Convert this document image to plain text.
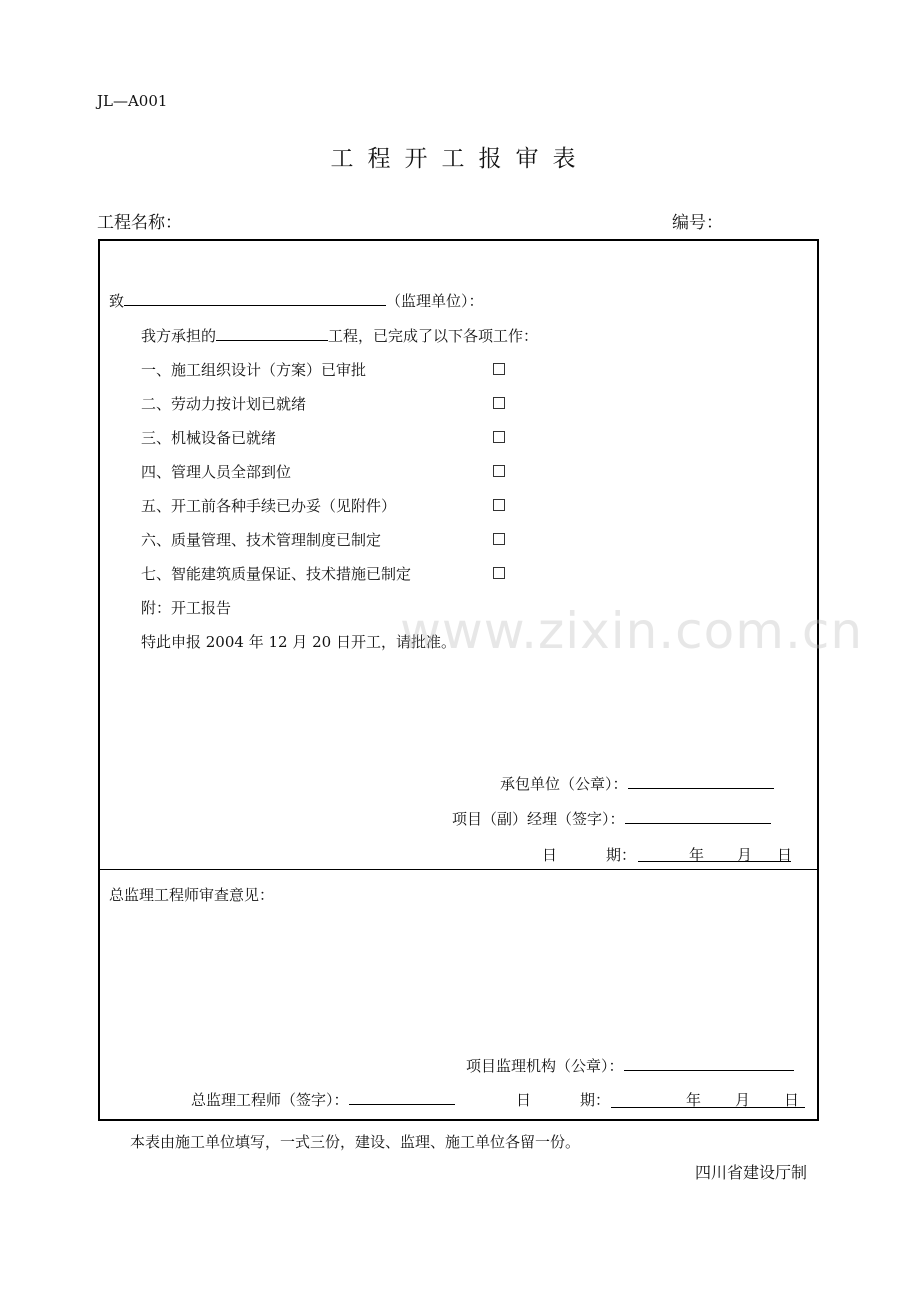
JL—A001
工程开工报审表
工程名称：	编号：
致	（监理单位）：
我方承担的	工程，已完成了以下各项工作：
一、施工组织设计（方案）已审批
二、劳动力按计划已就绪
三、机械设备已就绪
四、管理人员全部到位
五、开工前各种手续已办妥（见附件）
六、质量管理、技术管理制度已制定
七、智能建筑质量保证、技术措施已制定
附：开工报告
特此申报 2004 年 12 月 20 日开工，请批准。
承包单位（公章）：
项目（副）经理（签字）：
日	期：	年 月 日
总监理工程师审查意见：
项目监理机构（公章）：
总监理工程师（签字）：	日	期：	年 月 日
本表由施工单位填写，一式三份，建设、监理、施工单位各留一份。
四川省建设厅制
www.zixin.com.cn
